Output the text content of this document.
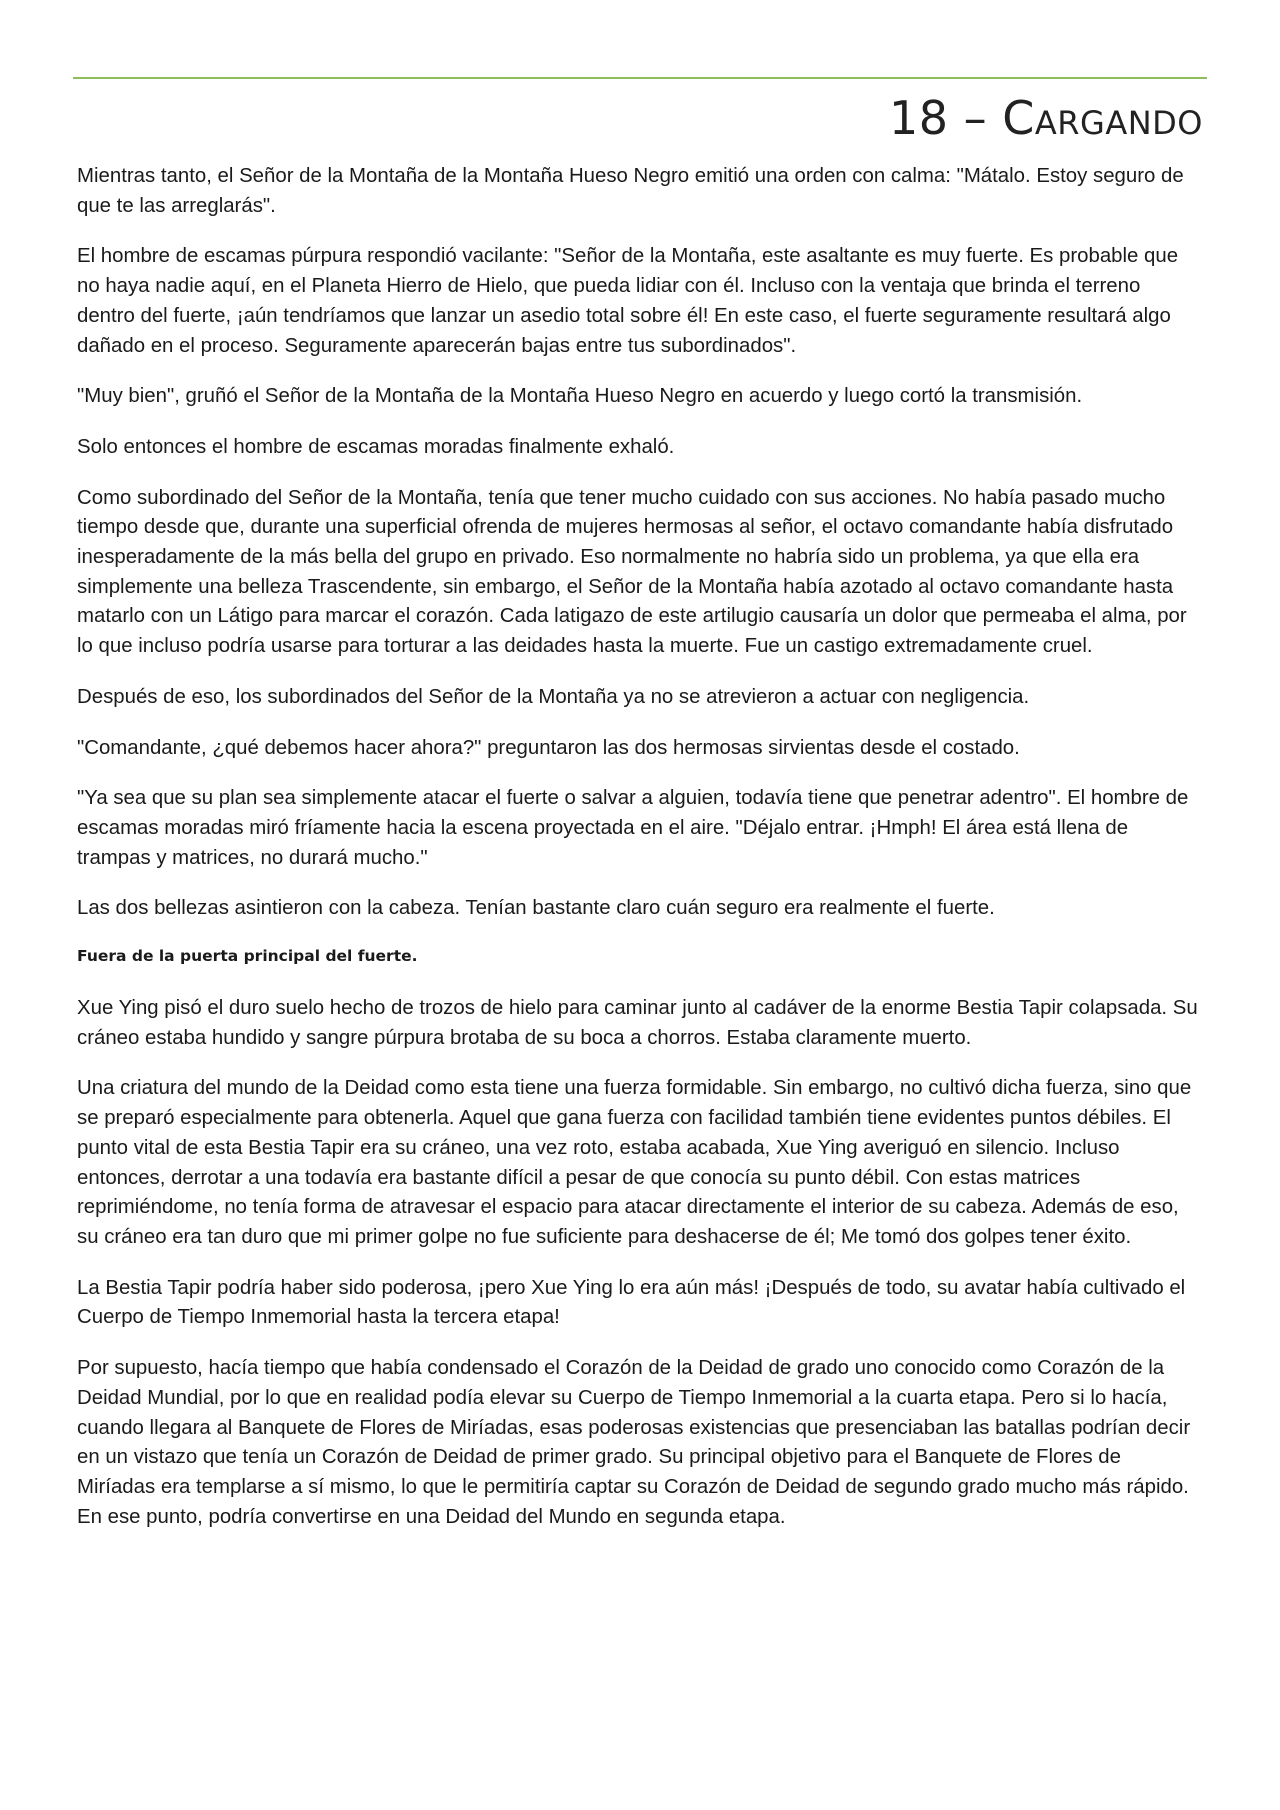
18 – Cargando

Mientras tanto, el Señor de la Montaña de la Montaña Hueso Negro emitió una orden con calma: "Mátalo. Estoy seguro de que te las arreglarás".

El hombre de escamas púrpura respondió vacilante: "Señor de la Montaña, este asaltante es muy fuerte. Es probable que no haya nadie aquí, en el Planeta Hierro de Hielo, que pueda lidiar con él. Incluso con la ventaja que brinda el terreno dentro del fuerte, ¡aún tendríamos que lanzar un asedio total sobre él! En este caso, el fuerte seguramente resultará algo dañado en el proceso. Seguramente aparecerán bajas entre tus subordinados".

"Muy bien", gruñó el Señor de la Montaña de la Montaña Hueso Negro en acuerdo y luego cortó la transmisión.

Solo entonces el hombre de escamas moradas finalmente exhaló.

Como subordinado del Señor de la Montaña, tenía que tener mucho cuidado con sus acciones. No había pasado mucho tiempo desde que, durante una superficial ofrenda de mujeres hermosas al señor, el octavo comandante había disfrutado inesperadamente de la más bella del grupo en privado. Eso normalmente no habría sido un problema, ya que ella era simplemente una belleza Trascendente, sin embargo, el Señor de la Montaña había azotado al octavo comandante hasta matarlo con un Látigo para marcar el corazón. Cada latigazo de este artilugio causaría un dolor que permeaba el alma, por lo que incluso podría usarse para torturar a las deidades hasta la muerte. Fue un castigo extremadamente cruel.

Después de eso, los subordinados del Señor de la Montaña ya no se atrevieron a actuar con negligencia.

"Comandante, ¿qué debemos hacer ahora?" preguntaron las dos hermosas sirvientas desde el costado.

"Ya sea que su plan sea simplemente atacar el fuerte o salvar a alguien, todavía tiene que penetrar adentro". El hombre de escamas moradas miró fríamente hacia la escena proyectada en el aire. "Déjalo entrar. ¡Hmph! El área está llena de trampas y matrices, no durará mucho."

Las dos bellezas asintieron con la cabeza. Tenían bastante claro cuán seguro era realmente el fuerte.

Fuera de la puerta principal del fuerte.

Xue Ying pisó el duro suelo hecho de trozos de hielo para caminar junto al cadáver de la enorme Bestia Tapir colapsada. Su cráneo estaba hundido y sangre púrpura brotaba de su boca a chorros. Estaba claramente muerto.

Una criatura del mundo de la Deidad como esta tiene una fuerza formidable. Sin embargo, no cultivó dicha fuerza, sino que se preparó especialmente para obtenerla. Aquel que gana fuerza con facilidad también tiene evidentes puntos débiles. El punto vital de esta Bestia Tapir era su cráneo, una vez roto, estaba acabada, Xue Ying averiguó en silencio. Incluso entonces, derrotar a una todavía era bastante difícil a pesar de que conocía su punto débil. Con estas matrices reprimiéndome, no tenía forma de atravesar el espacio para atacar directamente el interior de su cabeza. Además de eso, su cráneo era tan duro que mi primer golpe no fue suficiente para deshacerse de él; Me tomó dos golpes tener éxito.

La Bestia Tapir podría haber sido poderosa, ¡pero Xue Ying lo era aún más! ¡Después de todo, su avatar había cultivado el Cuerpo de Tiempo Inmemorial hasta la tercera etapa!

Por supuesto, hacía tiempo que había condensado el Corazón de la Deidad de grado uno conocido como Corazón de la Deidad Mundial, por lo que en realidad podía elevar su Cuerpo de Tiempo Inmemorial a la cuarta etapa. Pero si lo hacía, cuando llegara al Banquete de Flores de Miríadas, esas poderosas existencias que presenciaban las batallas podrían decir en un vistazo que tenía un Corazón de Deidad de primer grado. Su principal objetivo para el Banquete de Flores de Miríadas era templarse a sí mismo, lo que le permitiría captar su Corazón de Deidad de segundo grado mucho más rápido. En ese punto, podría convertirse en una Deidad del Mundo en segunda etapa.
